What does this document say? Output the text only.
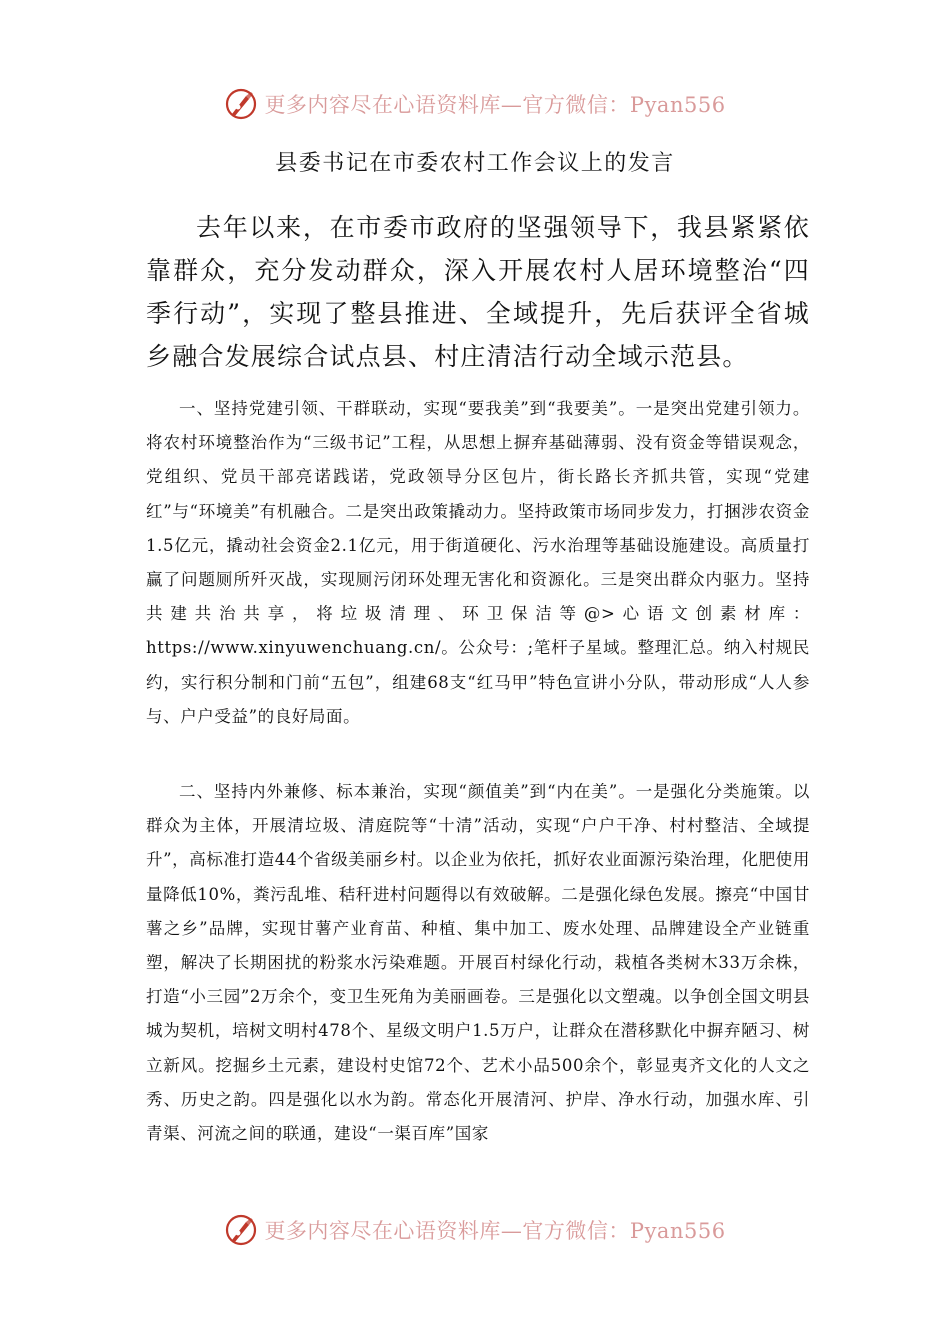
更多内容尽在心语资料库—官方微信：Pyan556
县委书记在市委农村工作会议上的发言

去年以来，在市委市政府的坚强领导下，我县紧紧依靠群众，充分发动群众，深入开展农村人居环境整治“四季行动”，实现了整县推进、全域提升，先后获评全省城乡融合发展综合试点县、村庄清洁行动全域示范县。

一、坚持党建引领、干群联动，实现“要我美”到“我要美”。一是突出党建引领力。将农村环境整治作为“三级书记”工程，从思想上摒弃基础薄弱、没有资金等错误观念，党组织、党员干部亮诺践诺，党政领导分区包片，街长路长齐抓共管，实现“党建红”与“环境美”有机融合。二是突出政策撬动力。坚持政策市场同步发力，打捆涉农资金1.5亿元，撬动社会资金2.1亿元，用于街道硬化、污水治理等基础设施建设。高质量打赢了问题厕所歼灭战，实现厕污闭环处理无害化和资源化。三是突出群众内驱力。坚持共建共治共享，将垃圾清理、环卫保洁等@>心语文创素材库：https://www.xinyuwenchuang.cn/。公众号：;笔杆子星域。整理汇总。纳入村规民约，实行积分制和门前“五包”，组建68支“红马甲”特色宣讲小分队，带动形成“人人参与、户户受益”的良好局面。

二、坚持内外兼修、标本兼治，实现“颜值美”到“内在美”。一是强化分类施策。以群众为主体，开展清垃圾、清庭院等“十清”活动，实现“户户干净、村村整洁、全域提升”，高标准打造44个省级美丽乡村。以企业为依托，抓好农业面源污染治理，化肥使用量降低10%，粪污乱堆、秸秆进村问题得以有效破解。二是强化绿色发展。擦亮“中国甘薯之乡”品牌，实现甘薯产业育苗、种植、集中加工、废水处理、品牌建设全产业链重塑，解决了长期困扰的粉浆水污染难题。开展百村绿化行动，栽植各类树木33万余株，打造“小三园”2万余个，变卫生死角为美丽画卷。三是强化以文塑魂。以争创全国文明县城为契机，培树文明村478个、星级文明户1.5万户，让群众在潜移默化中摒弃陋习、树立新风。挖掘乡土元素，建设村史馆72个、艺术小品500余个，彰显夷齐文化的人文之秀、历史之韵。四是强化以水为韵。常态化开展清河、护岸、净水行动，加强水库、引青渠、河流之间的联通，建设“一渠百库”国家

更多内容尽在心语资料库—官方微信：Pyan556
